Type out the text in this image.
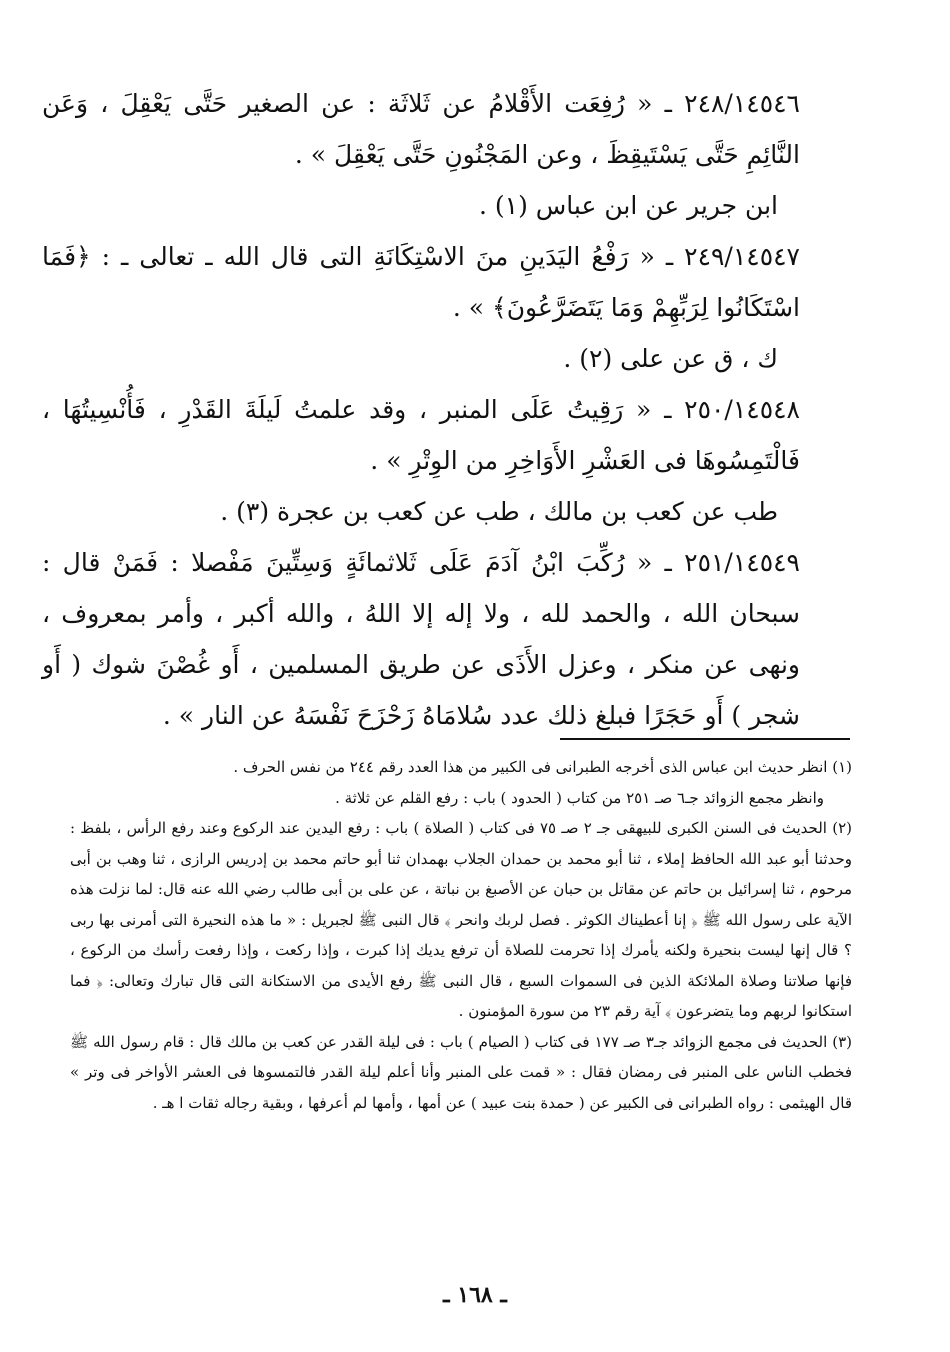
٢٤٨/١٤٥٤٦ ـ « رُفِعَت الأَقْلامُ عن ثَلاثَة : عن الصغير حَتَّى يَعْقِلَ ، وَعَن النَّائِمِ حَتَّى يَسْتَيقِظَ ، وعن المَجْنُونِ حَتَّى يَعْقِلَ » .

ابن جرير عن ابن عباس (١) .

٢٤٩/١٤٥٤٧ ـ « رَفْعُ اليَدَينِ منَ الاسْتِكَانَةِ التى قال الله ـ تعالى ـ : ﴿فَمَا اسْتَكَانُوا لِرَبِّهِمْ وَمَا يَتَضَرَّعُونَ﴾ » .

ك ، ق عن على (٢) .

٢٥٠/١٤٥٤٨ ـ « رَقِيتُ عَلَى المنبر ، وقد علمتُ لَيلَةَ القَدْرِ ، فَأُنْسِيتُهَا ، فَالْتَمِسُوهَا فى العَشْرِ الأَوَاخِرِ من الوِتْرِ » .

طب عن كعب بن مالك ، طب عن كعب بن عجرة (٣) .

٢٥١/١٤٥٤٩ ـ « رُكِّبَ ابْنُ آدَمَ عَلَى ثَلاثمائَةٍ وَسِتِّينَ مَفْصلا : فَمَنْ قال : سبحان الله ، والحمد لله ، ولا إله إلا اللهُ ، والله أكبر ، وأمر بمعروف ، ونهى عن منكر ، وعزل الأَذَى عن طريق المسلمين ، أَو غُصْنَ شوك ( أَو شجر ) أَو حَجَرًا فبلغ ذلك عدد سُلامَاهُ زَحْزَحَ نَفْسَهُ عن النار » .

(١) انظر حديث ابن عباس الذى أخرجه الطبرانى فى الكبير من هذا العدد رقم ٢٤٤ من نفس الحرف .

وانظر مجمع الزوائد جـ٦ صـ ٢٥١ من كتاب ( الحدود ) باب : رفع القلم عن ثلاثة .

(٢) الحديث فى السنن الكبرى للبيهقى جـ ٢ صـ ٧٥ فى كتاب ( الصلاة ) باب : رفع اليدين عند الركوع وعند رفع الرأس ، بلفظ : وحدثنا أبو عبد الله الحافظ إملاء ، ثنا أبو محمد بن حمدان الجلاب بهمدان ثنا أبو حاتم محمد بن إدريس الرازى ، ثنا وهب بن أبى مرحوم ، ثنا إسرائيل بن حاتم عن مقاتل بن حبان عن الأصبغ بن نباتة ، عن على بن أبى طالب رضي الله عنه قال: لما نزلت هذه الآية على رسول الله ﷺ ﴿ إنا أعطيناك الكوثر . فصل لربك وانحر ﴾ قال النبى ﷺ لجبريل : « ما هذه النحيرة التى أمرنى بها ربى ؟ قال إنها ليست بنحيرة ولكنه يأمرك إذا تحرمت للصلاة أن ترفع يديك إذا كبرت ، وإذا ركعت ، وإذا رفعت رأسك من الركوع ، فإنها صلاتنا وصلاة الملائكة الذين فى السموات السبع ، قال النبى ﷺ رفع الأيدى من الاستكانة التى قال تبارك وتعالى: ﴿ فما استكانوا لربهم وما يتضرعون ﴾ آية رقم ٢٣ من سورة المؤمنون .

(٣) الحديث فى مجمع الزوائد جـ٣ صـ ١٧٧ فى كتاب ( الصيام ) باب : فى ليلة القدر عن كعب بن مالك قال : قام رسول الله ﷺ فخطب الناس على المنبر فى رمضان فقال : « قمت على المنبر وأنا أعلم ليلة القدر فالتمسوها فى العشر الأواخر فى وتر » قال الهيثمى : رواه الطبرانى فى الكبير عن ( حمدة بنت عبيد ) عن أمها ، وأمها لم أعرفها ، وبقية رجاله ثقات ا هـ .

ـ ١٦٨ ـ
